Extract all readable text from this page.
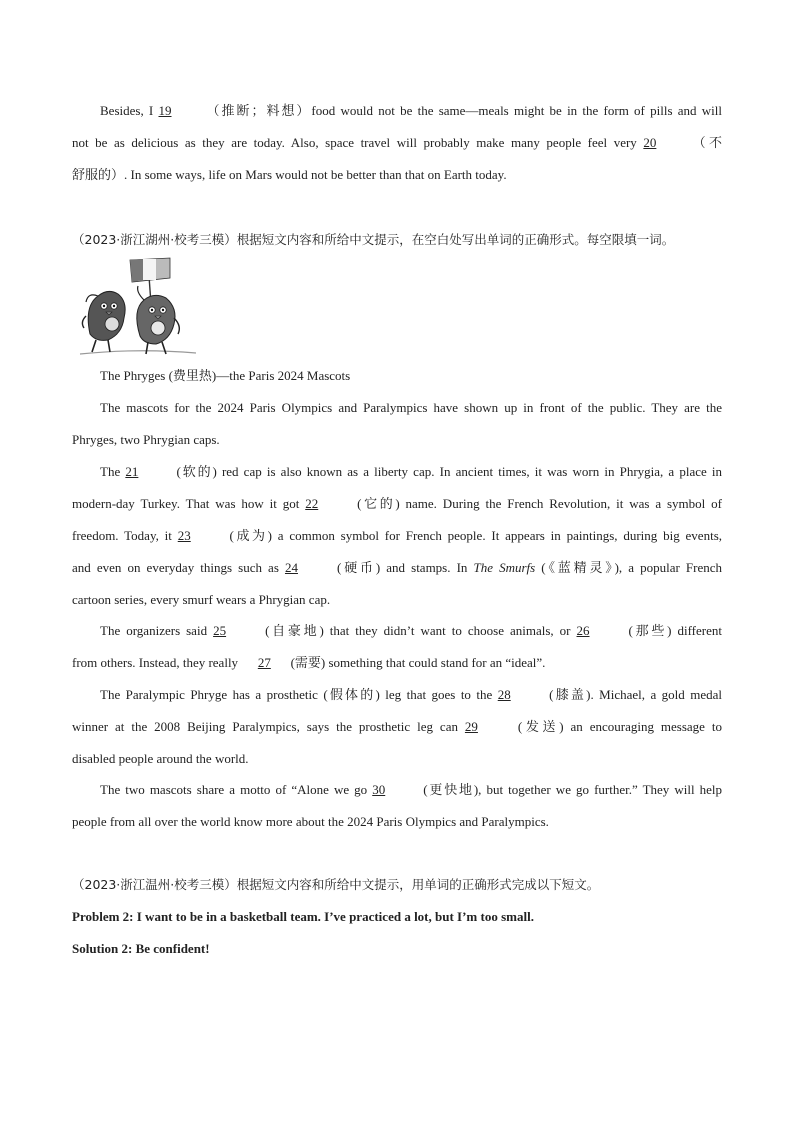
Besides, I 19	（推断；料想）food would not be the same—meals might be in the form of pills and will
not be as delicious as they are today. Also, space travel will probably make many people feel very 20	（不
舒服的）. In some ways, life on Mars would not be better than that on Earth today.
（2023·浙江湖州·校考三模）根据短文内容和所给中文提示，在空白处写出单词的正确形式。每空限填一词。
The Phryges (费里热)—the Paris 2024 Mascots
The mascots for the 2024 Paris Olympics and Paralympics have shown up in front of the public. They are the
Phryges, two Phrygian caps.
The 21	(软的) red cap is also known as a liberty cap. In ancient times, it was worn in Phrygia, a place in
modern-day Turkey. That was how it got 22	(它的) name. During the French Revolution, it was a symbol of
freedom. Today, it 23	(成为) a common symbol for French people. It appears in paintings, during big events,
and even on everyday things such as 24	(硬币) and stamps. In The Smurfs (《蓝精灵》), a popular French
cartoon series, every smurf wears a Phrygian cap.
The organizers said 25	(自豪地) that they didn’t want to choose animals, or 26	(那些) different
from others. Instead, they really 27 (需要) something that could stand for an “ideal”.
The Paralympic Phryge has a prosthetic (假体的) leg that goes to the 28	(膝盖). Michael, a gold medal
winner at the 2008 Beijing Paralympics, says the prosthetic leg can 29	(发送) an encouraging message to
disabled people around the world.
The two mascots share a motto of “Alone we go 30	(更快地), but together we go further.” They will help
people from all over the world know more about the 2024 Paris Olympics and Paralympics.
（2023·浙江温州·校考三模）根据短文内容和所给中文提示，用单词的正确形式完成以下短文。
Problem 2: I want to be in a basketball team. I’ve practiced a lot, but I’m too small.
Solution 2: Be confident!
